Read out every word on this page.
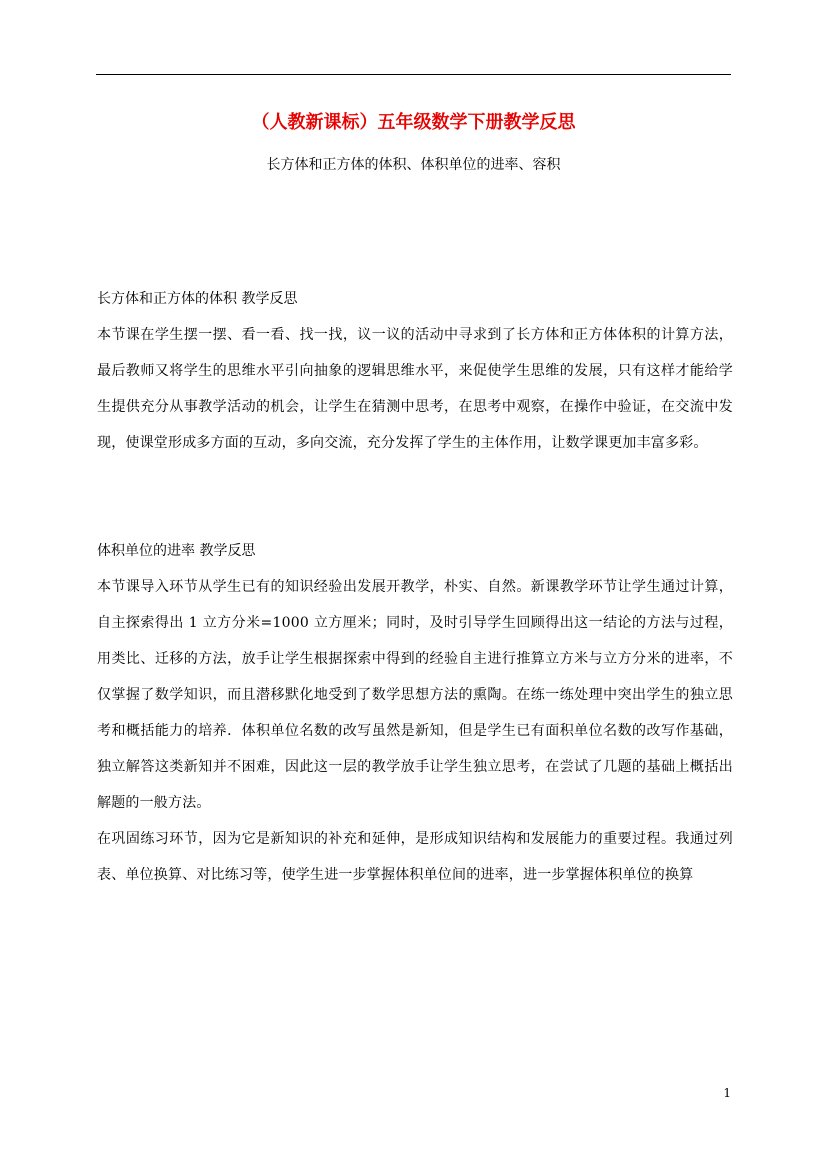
（人教新课标）五年级数学下册教学反思
长方体和正方体的体积、体积单位的进率、容积

长方体和正方体的体积 教学反思

本节课在学生摆一摆、看一看、找一找，议一议的活动中寻求到了长方体和正方体体积的计算方法，最后教师又将学生的思维水平引向抽象的逻辑思维水平，来促使学生思维的发展，只有这样才能给学生提供充分从事教学活动的机会，让学生在猜测中思考，在思考中观察，在操作中验证，在交流中发现，使课堂形成多方面的互动，多向交流，充分发挥了学生的主体作用，让数学课更加丰富多彩。

体积单位的进率 教学反思

本节课导入环节从学生已有的知识经验出发展开教学，朴实、自然。新课教学环节让学生通过计算，自主探索得出 1 立方分米=1000 立方厘米；同时，及时引导学生回顾得出这一结论的方法与过程，用类比、迁移的方法，放手让学生根据探索中得到的经验自主进行推算立方米与立方分米的进率，不仅掌握了数学知识，而且潜移默化地受到了数学思想方法的熏陶。在练一练处理中突出学生的独立思考和概括能力的培养．体积单位名数的改写虽然是新知，但是学生已有面积单位名数的改写作基础，独立解答这类新知并不困难，因此这一层的教学放手让学生独立思考，在尝试了几题的基础上概括出解题的一般方法。

在巩固练习环节，因为它是新知识的补充和延伸，是形成知识结构和发展能力的重要过程。我通过列表、单位换算、对比练习等，使学生进一步掌握体积单位间的进率，进一步掌握体积单位的换算

1
